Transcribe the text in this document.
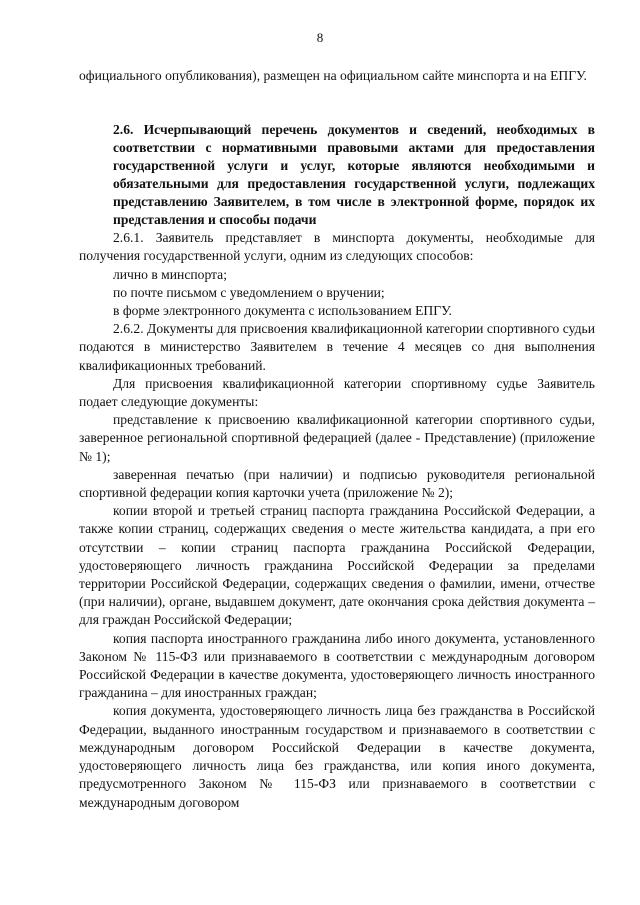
8

официального опубликования), размещен на официальном сайте минспорта и на ЕПГУ.

2.6. Исчерпывающий перечень документов и сведений, необходимых в соответствии с нормативными правовыми актами для предоставления государственной услуги и услуг, которые являются необходимыми и обязательными для предоставления государственной услуги, подлежащих представлению Заявителем, в том числе в электронной форме, порядок их представления и способы подачи

2.6.1. Заявитель представляет в минспорта документы, необходимые для получения государственной услуги, одним из следующих способов:

лично в минспорта;

по почте письмом с уведомлением о вручении;

в форме электронного документа с использованием ЕПГУ.

2.6.2. Документы для присвоения квалификационной категории спортивного судьи подаются в министерство Заявителем в течение 4 месяцев со дня выполнения квалификационных требований.

Для присвоения квалификационной категории спортивному судье Заявитель подает следующие документы:

представление к присвоению квалификационной категории спортивного судьи, заверенное региональной спортивной федерацией (далее - Представление) (приложение № 1);

заверенная печатью (при наличии) и подписью руководителя региональной спортивной федерации копия карточки учета (приложение № 2);

копии второй и третьей страниц паспорта гражданина Российской Федерации, а также копии страниц, содержащих сведения о месте жительства кандидата, а при его отсутствии – копии страниц паспорта гражданина Российской Федерации, удостоверяющего личность гражданина Российской Федерации за пределами территории Российской Федерации, содержащих сведения о фамилии, имени, отчестве (при наличии), органе, выдавшем документ, дате окончания срока действия документа – для граждан Российской Федерации;

копия паспорта иностранного гражданина либо иного документа, установленного Законом № 115-ФЗ или признаваемого в соответствии с международным договором Российской Федерации в качестве документа, удостоверяющего личность иностранного гражданина – для иностранных граждан;

копия документа, удостоверяющего личность лица без гражданства в Российской Федерации, выданного иностранным государством и признаваемого в соответствии с международным договором Российской Федерации в качестве документа, удостоверяющего личность лица без гражданства, или копия иного документа, предусмотренного Законом № 115-ФЗ или признаваемого в соответствии с международным договором
